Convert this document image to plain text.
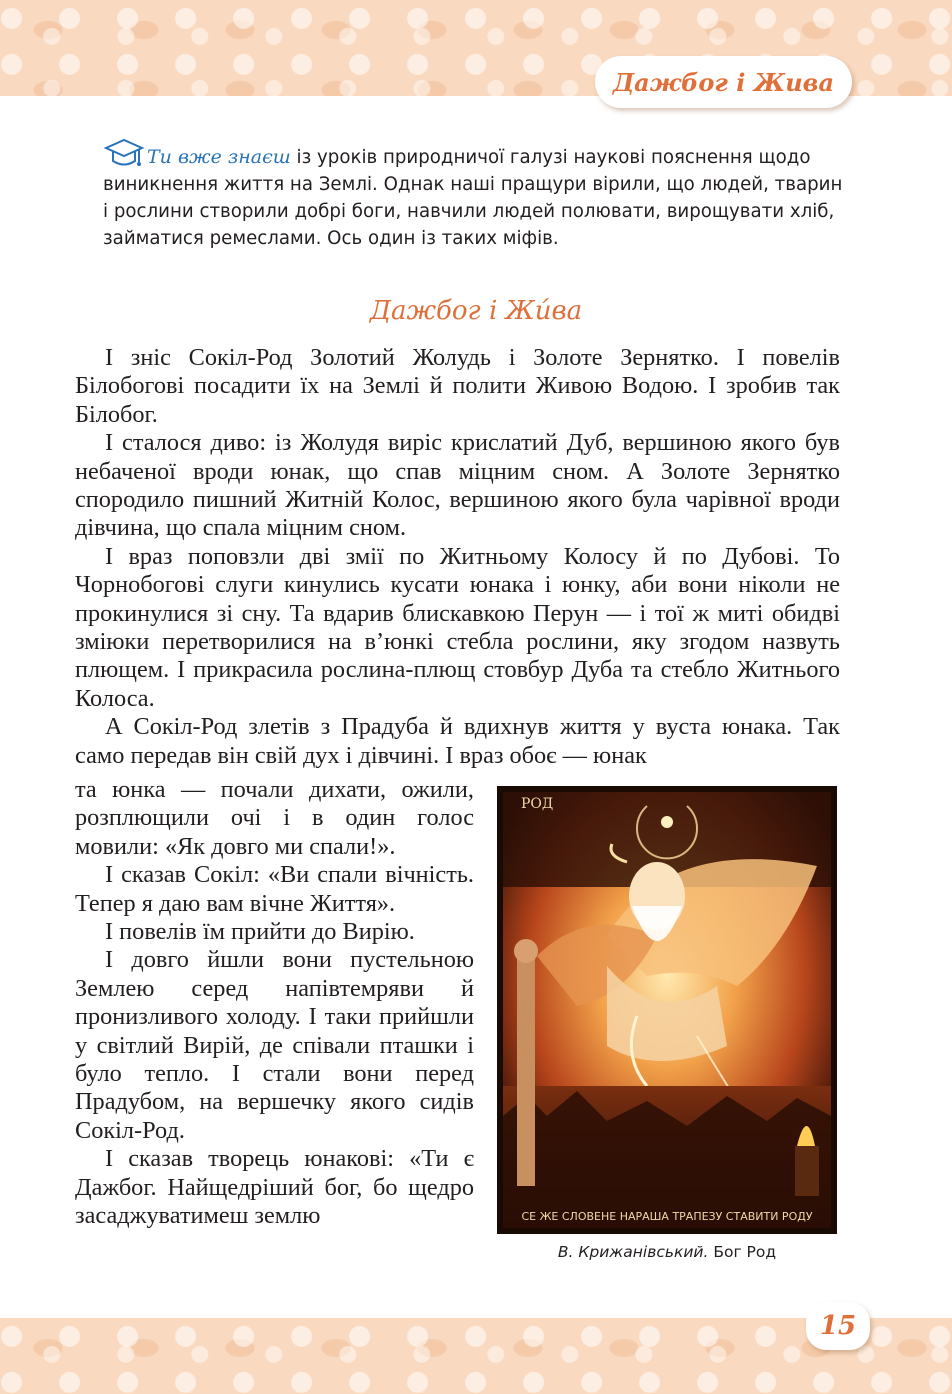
Дажбог і Жива
Ти вже знаєш із уроків природничої галузі наукові пояснення щодо виникнення життя на Землі. Однак наші пращури вірили, що людей, тварин і рослини створили добрі боги, навчили людей полювати, вирощувати хліб, займатися ремеслами. Ось один із таких міфів.
Дажбог і Жи́ва

І зніс Сокіл-Род Золотий Жолудь і Золоте Зернятко. І повелів Білобогові посадити їх на Землі й полити Живою Водою. І зробив так Білобог.

І сталося диво: із Жолудя виріс крислатий Дуб, вершиною якого був небаченої вроди юнак, що спав міцним сном. А Золоте Зернятко спородило пишний Житній Колос, вершиною якого була чарівної вроди дівчина, що спала міцним сном.

І враз поповзли дві змії по Житньому Колосу й по Дубові. То Чорнобогові слуги кинулись кусати юнака і юнку, аби вони ніколи не прокинулися зі сну. Та вдарив блискавкою Перун — і тої ж миті обидві зміюки перетворилися на в’юнкі стебла рослини, яку згодом назвуть плющем. І прикрасила рослина-плющ стовбур Дуба та стебло Житнього Колоса.

А Сокіл-Род злетів з Прадуба й вдихнув життя у вуста юнака. Так само передав він свій дух і дівчині. І враз обоє — юнак

та юнка — почали дихати, ожили, розплющили очі і в один голос мовили: «Як довго ми спали!».

І сказав Сокіл: «Ви спали вічність. Тепер я даю вам вічне Життя».

І повелів їм прийти до Вирію.

І довго йшли вони пустельною Землею серед напівтемряви й пронизливого холоду. І таки прийшли у світлий Вирій, де співали пташки і було тепло. І стали вони перед Прадубом, на вершечку якого сидів Сокіл-Род.

І сказав творець юнакові: «Ти є Дажбог. Найщедріший бог, бо щедро засаджуватимеш землю

РОД
СЕ ЖЕ СЛОВЕНЕ НАРАША ТРАПЕЗУ СТАВИТИ РОДУ
В. Крижанівський. Бог Род
15
